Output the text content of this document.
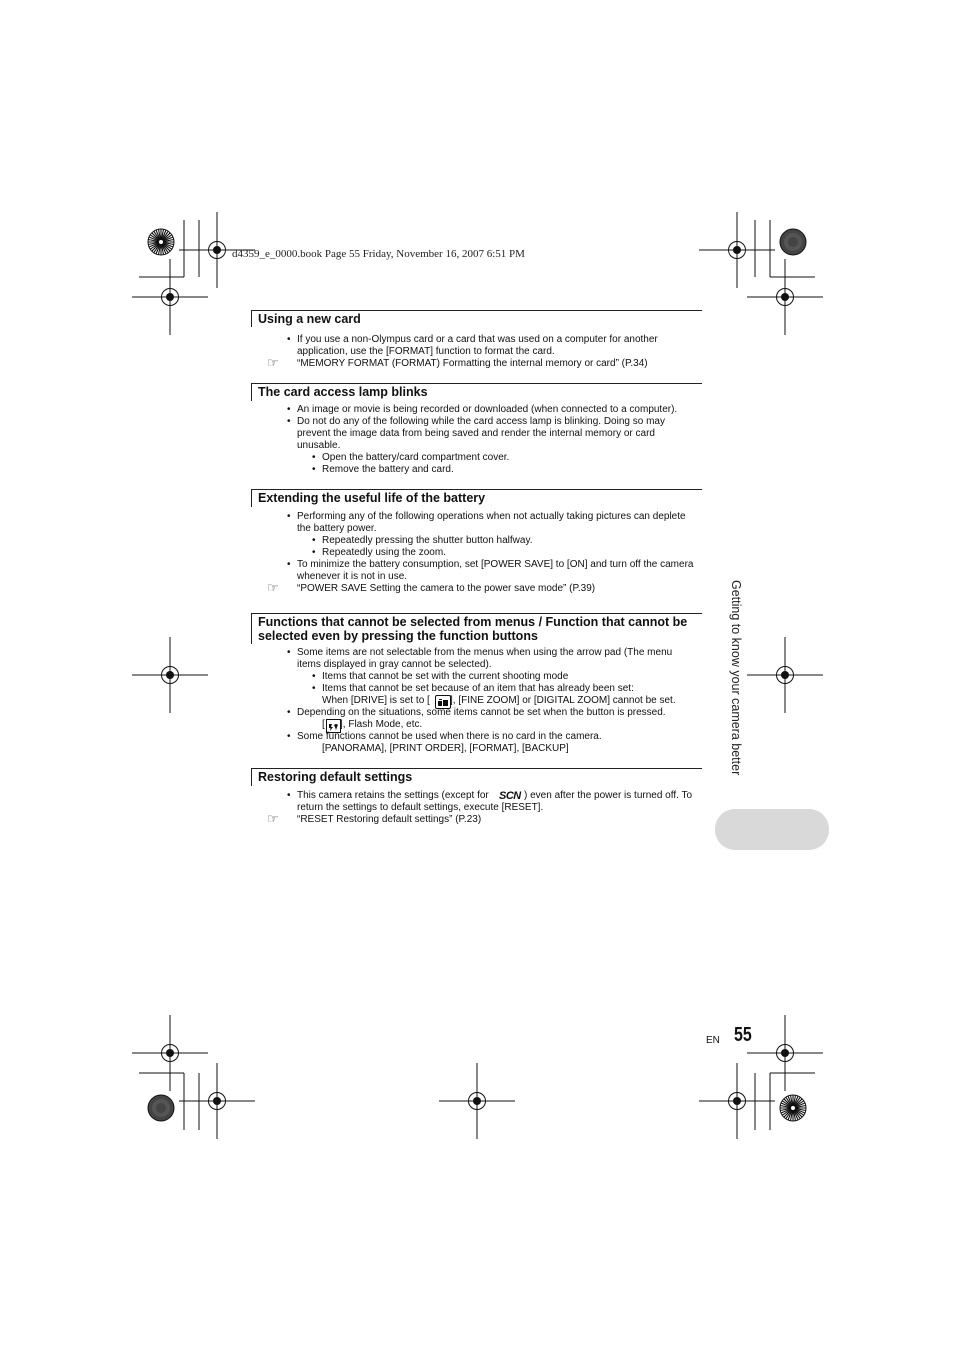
d4359_e_0000.book Page 55 Friday, November 16, 2007 6:51 PM
Using a new card
• If you use a non-Olympus card or a card that was used on a computer for another
application, use the [FORMAT] function to format the card.
☞ “MEMORY FORMAT (FORMAT) Formatting the internal memory or card” (P.34)
The card access lamp blinks
• An image or movie is being recorded or downloaded (when connected to a computer).
• Do not do any of the following while the card access lamp is blinking. Doing so may
prevent the image data from being saved and render the internal memory or card
unusable.
• Open the battery/card compartment cover.
• Remove the battery and card.
Extending the useful life of the battery
• Performing any of the following operations when not actually taking pictures can deplete
the battery power.
• Repeatedly pressing the shutter button halfway.
• Repeatedly using the zoom.
• To minimize the battery consumption, set [POWER SAVE] to [ON] and turn off the camera
whenever it is not in use.
☞ “POWER SAVE Setting the camera to the power save mode” (P.39)
Functions that cannot be selected from menus / Function that cannot be selected even by pressing the function buttons
• Some items are not selectable from the menus when using the arrow pad (The menu
items displayed in gray cannot be selected).
• Items that cannot be set with the current shooting mode
• Items that cannot be set because of an item that has already been set:
When [DRIVE] is set to [ ], [FINE ZOOM] or [DIGITAL ZOOM] cannot be set.
• Depending on the situations, some items cannot be set when the button is pressed.
[ ], Flash Mode, etc.
• Some functions cannot be used when there is no card in the camera.
[PANORAMA], [PRINT ORDER], [FORMAT], [BACKUP]
Restoring default settings
• This camera retains the settings (except for SCN ) even after the power is turned off. To
return the settings to default settings, execute [RESET].
☞ “RESET Restoring default settings” (P.23)
Getting to know your camera better
EN 55
